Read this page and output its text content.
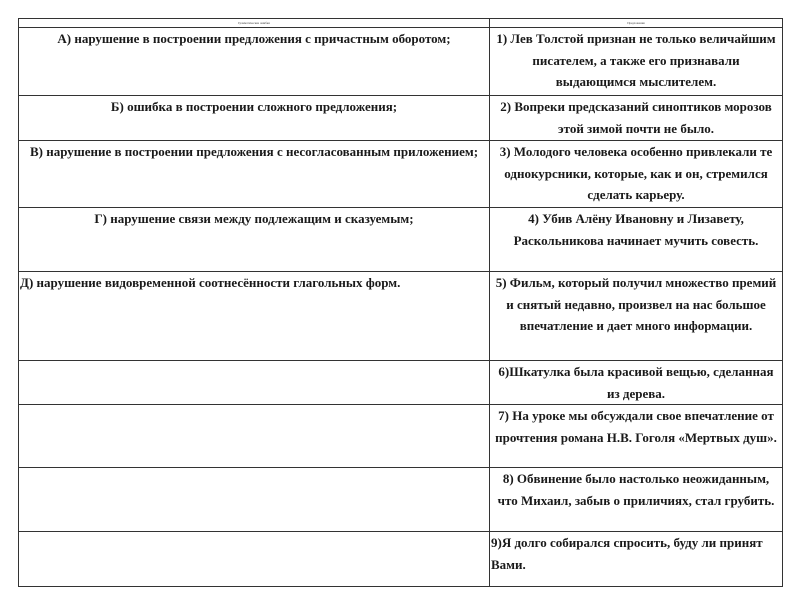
Грамматические ошибки	Предложения
А) нарушение в построении предложения с причастным оборотом;	1) Лев Толстой признан не только величайшим писателем, а также его признавали выдающимся мыслителем.
Б) ошибка в построении сложного предложения;	2) Вопреки предсказаний синоптиков морозов этой зимой почти не было.
В) нарушение в построении предложения с несогласованным приложением;	3) Молодого человека особенно привлекали те однокурсники, которые, как и он, стремился сделать карьеру.
Г) нарушение связи между подлежащим и сказуемым;	4) Убив Алёну Ивановну и Лизавету, Раскольникова начинает мучить совесть.
Д) нарушение видовременной соотнесённости глагольных форм.	5) Фильм, который получил множество премий и снятый недавно, произвел на нас большое впечатление и дает много информации.
	6)Шкатулка была красивой вещью, сделанная из дерева.
	7) На уроке мы обсуждали свое впечатление от прочтения романа Н.В. Гоголя «Мертвых душ».
	8) Обвинение было настолько неожиданным, что Михаил, забыв о приличиях, стал грубить.
	9)Я долго собирался спросить, буду ли принят Вами.
